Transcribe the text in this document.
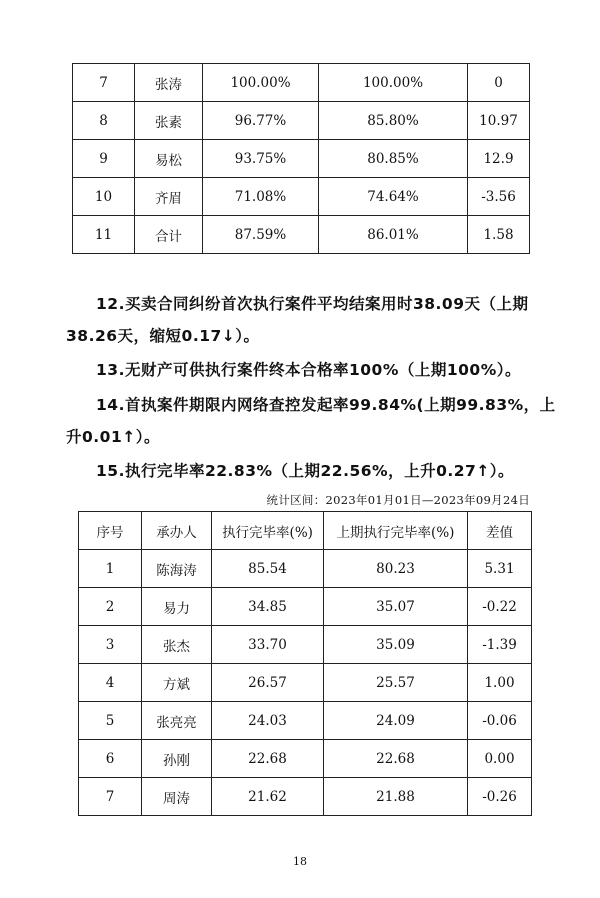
7	张涛	100.00%	100.00%	0
8	张素	96.77%	85.80%	10.97
9	易松	93.75%	80.85%	12.9
10	齐眉	71.08%	74.64%	-3.56
11	合计	87.59%	86.01%	1.58
12.买卖合同纠纷首次执行案件平均结案用时38.09天（上期38.26天，缩短0.17↓）。
13.无财产可供执行案件终本合格率100%（上期100%）。
14.首执案件期限内网络查控发起率99.84%(上期99.83%，上升0.01↑）。
15.执行完毕率22.83%（上期22.56%，上升0.27↑）。
统计区间：2023年01月01日—2023年09月24日
序号	承办人	执行完毕率(%)	上期执行完毕率(%)	差值
1	陈海涛	85.54	80.23	5.31
2	易力	34.85	35.07	-0.22
3	张杰	33.70	35.09	-1.39
4	方斌	26.57	25.57	1.00
5	张亮亮	24.03	24.09	-0.06
6	孙刚	22.68	22.68	0.00
7	周涛	21.62	21.88	-0.26
18
